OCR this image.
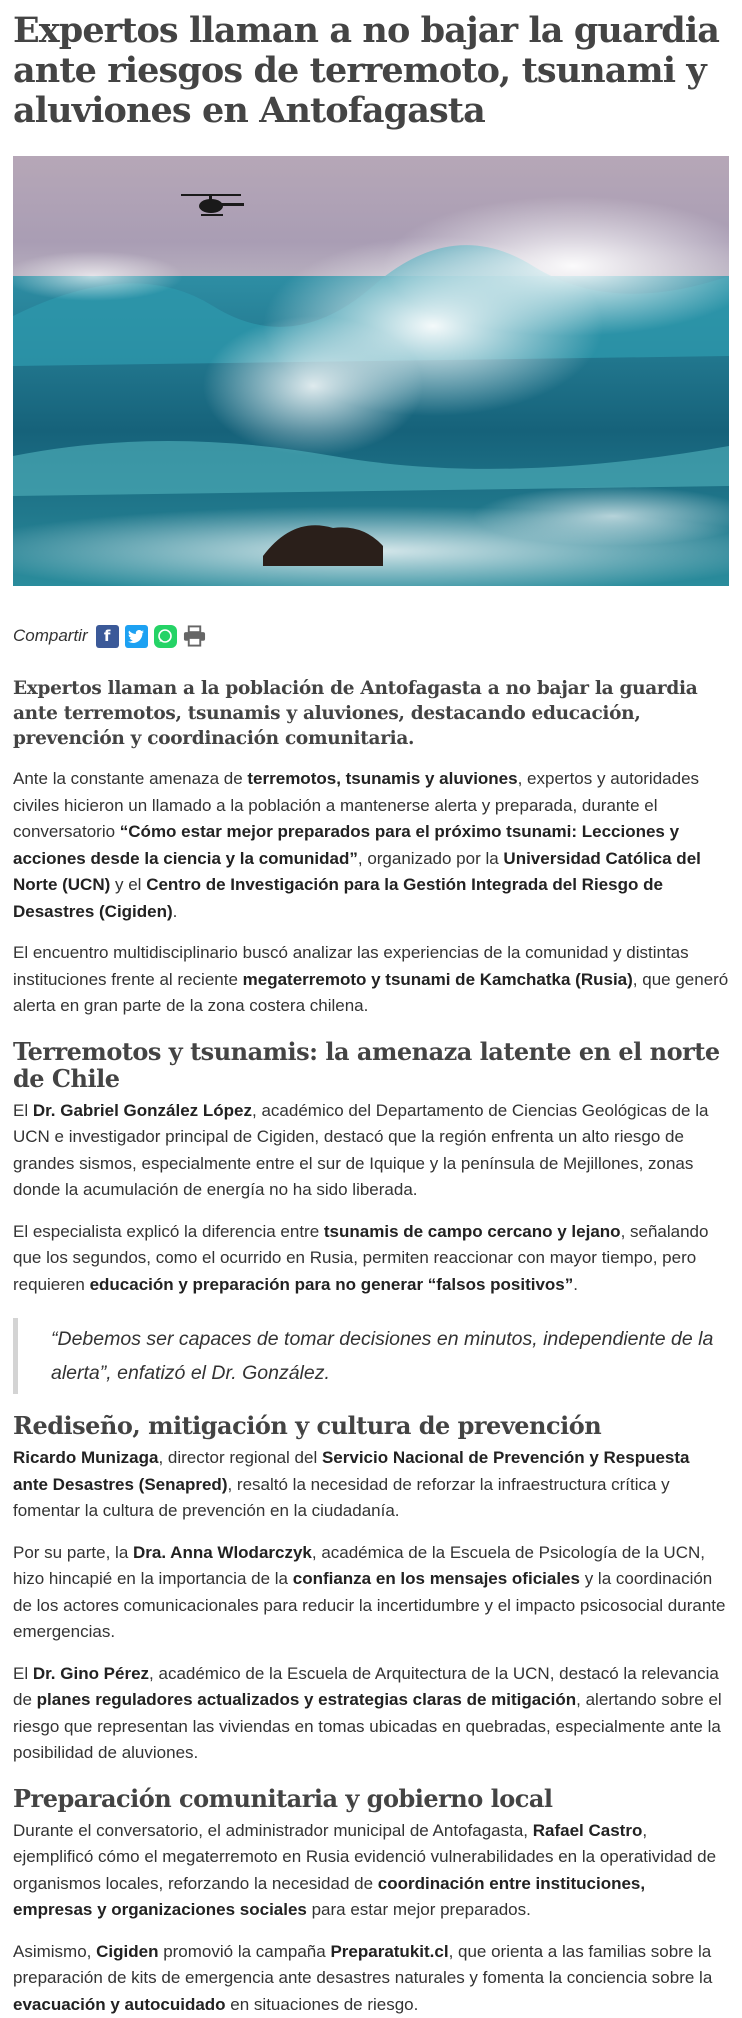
Expertos llaman a no bajar la guardia ante riesgos de terremoto, tsunami y aluviones en Antofagasta
Compartir	f

Expertos llaman a la población de Antofagasta a no bajar la guardia ante terremotos, tsunamis y aluviones, destacando educación, prevención y coordinación comunitaria.

Ante la constante amenaza de terremotos, tsunamis y aluviones, expertos y autoridades civiles hicieron un llamado a la población a mantenerse alerta y preparada, durante el conversatorio “Cómo estar mejor preparados para el próximo tsunami: Lecciones y acciones desde la ciencia y la comunidad”, organizado por la Universidad Católica del Norte (UCN) y el Centro de Investigación para la Gestión Integrada del Riesgo de Desastres (Cigiden).

El encuentro multidisciplinario buscó analizar las experiencias de la comunidad y distintas instituciones frente al reciente megaterremoto y tsunami de Kamchatka (Rusia), que generó alerta en gran parte de la zona costera chilena.

Terremotos y tsunamis: la amenaza latente en el norte de Chile

El Dr. Gabriel González López, académico del Departamento de Ciencias Geológicas de la UCN e investigador principal de Cigiden, destacó que la región enfrenta un alto riesgo de grandes sismos, especialmente entre el sur de Iquique y la península de Mejillones, zonas donde la acumulación de energía no ha sido liberada.

El especialista explicó la diferencia entre tsunamis de campo cercano y lejano, señalando que los segundos, como el ocurrido en Rusia, permiten reaccionar con mayor tiempo, pero requieren educación y preparación para no generar “falsos positivos”.

“Debemos ser capaces de tomar decisiones en minutos, independiente de la alerta”, enfatizó el Dr. González.
Rediseño, mitigación y cultura de prevención

Ricardo Munizaga, director regional del Servicio Nacional de Prevención y Respuesta ante Desastres (Senapred), resaltó la necesidad de reforzar la infraestructura crítica y fomentar la cultura de prevención en la ciudadanía.

Por su parte, la Dra. Anna Wlodarczyk, académica de la Escuela de Psicología de la UCN, hizo hincapié en la importancia de la confianza en los mensajes oficiales y la coordinación de los actores comunicacionales para reducir la incertidumbre y el impacto psicosocial durante emergencias.

El Dr. Gino Pérez, académico de la Escuela de Arquitectura de la UCN, destacó la relevancia de planes reguladores actualizados y estrategias claras de mitigación, alertando sobre el riesgo que representan las viviendas en tomas ubicadas en quebradas, especialmente ante la posibilidad de aluviones.

Preparación comunitaria y gobierno local

Durante el conversatorio, el administrador municipal de Antofagasta, Rafael Castro, ejemplificó cómo el megaterremoto en Rusia evidenció vulnerabilidades en la operatividad de organismos locales, reforzando la necesidad de coordinación entre instituciones, empresas y organizaciones sociales para estar mejor preparados.

Asimismo, Cigiden promovió la campaña Preparatukit.cl, que orienta a las familias sobre la preparación de kits de emergencia ante desastres naturales y fomenta la conciencia sobre la evacuación y autocuidado en situaciones de riesgo.
